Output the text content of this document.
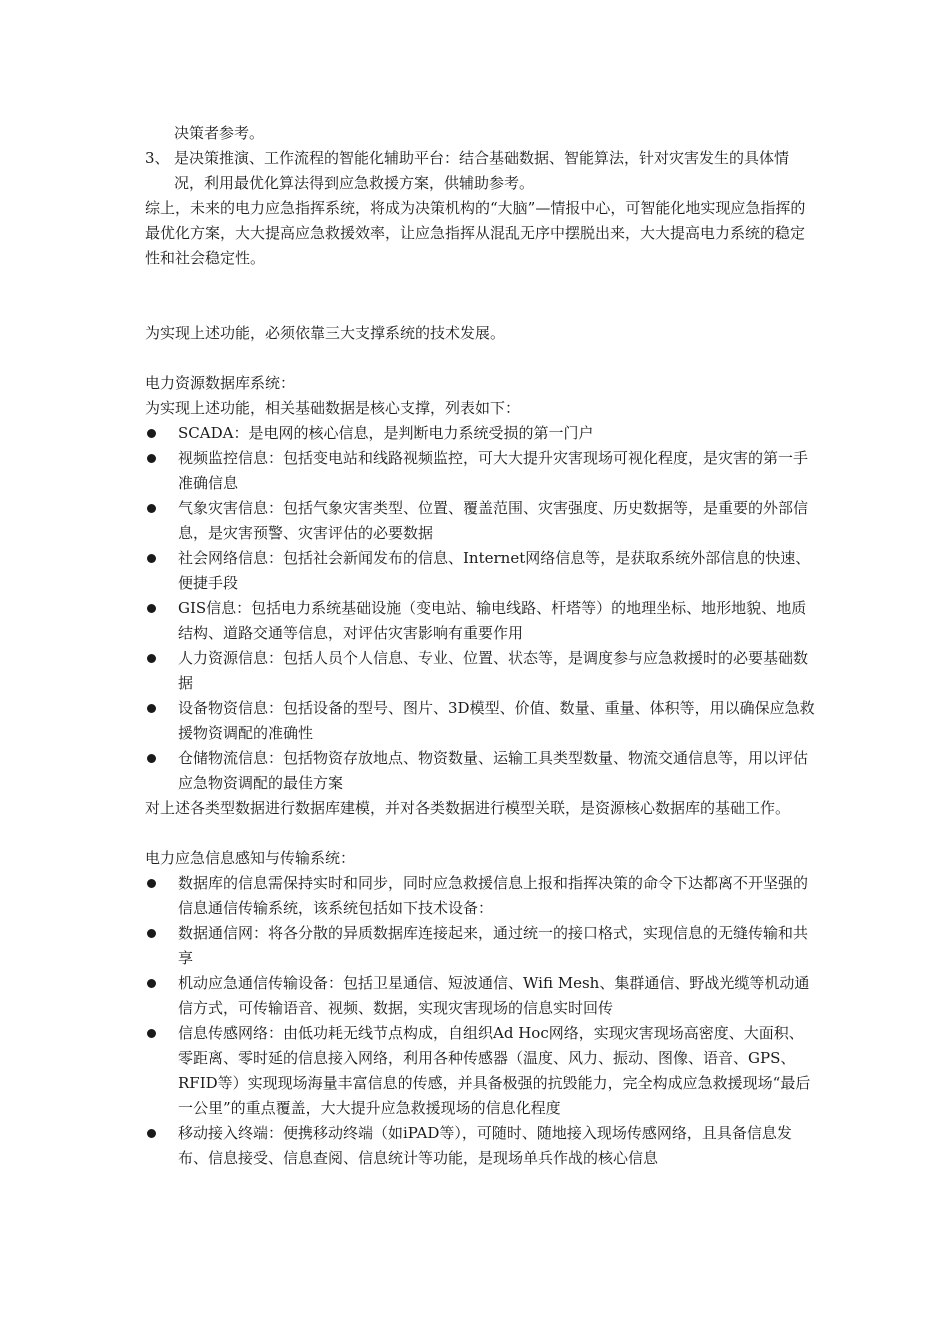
决策者参考。

3、 是决策推演、工作流程的智能化辅助平台：结合基础数据、智能算法，针对灾害发生的具体情况，利用最优化算法得到应急救援方案，供辅助参考。

综上，未来的电力应急指挥系统，将成为决策机构的“大脑”—情报中心，可智能化地实现应急指挥的最优化方案，大大提高应急救援效率，让应急指挥从混乱无序中摆脱出来，大大提高电力系统的稳定性和社会稳定性。

为实现上述功能，必须依靠三大支撑系统的技术发展。

电力资源数据库系统：

为实现上述功能，相关基础数据是核心支撑，列表如下：

SCADA：是电网的核心信息，是判断电力系统受损的第一门户
视频监控信息：包括变电站和线路视频监控，可大大提升灾害现场可视化程度，是灾害的第一手准确信息
气象灾害信息：包括气象灾害类型、位置、覆盖范围、灾害强度、历史数据等，是重要的外部信息，是灾害预警、灾害评估的必要数据
社会网络信息：包括社会新闻发布的信息、Internet网络信息等，是获取系统外部信息的快速、便捷手段
GIS信息：包括电力系统基础设施（变电站、输电线路、杆塔等）的地理坐标、地形地貌、地质结构、道路交通等信息，对评估灾害影响有重要作用
人力资源信息：包括人员个人信息、专业、位置、状态等，是调度参与应急救援时的必要基础数据
设备物资信息：包括设备的型号、图片、3D模型、价值、数量、重量、体积等，用以确保应急救援物资调配的准确性
仓储物流信息：包括物资存放地点、物资数量、运输工具类型数量、物流交通信息等，用以评估应急物资调配的最佳方案

对上述各类型数据进行数据库建模，并对各类数据进行模型关联，是资源核心数据库的基础工作。

电力应急信息感知与传输系统：

数据库的信息需保持实时和同步，同时应急救援信息上报和指挥决策的命令下达都离不开坚强的信息通信传输系统，该系统包括如下技术设备：
数据通信网：将各分散的异质数据库连接起来，通过统一的接口格式，实现信息的无缝传输和共享
机动应急通信传输设备：包括卫星通信、短波通信、Wifi Mesh、集群通信、野战光缆等机动通信方式，可传输语音、视频、数据，实现灾害现场的信息实时回传
信息传感网络：由低功耗无线节点构成，自组织Ad Hoc网络，实现灾害现场高密度、大面积、零距离、零时延的信息接入网络，利用各种传感器（温度、风力、振动、图像、语音、GPS、RFID等）实现现场海量丰富信息的传感，并具备极强的抗毁能力，完全构成应急救援现场“最后一公里”的重点覆盖，大大提升应急救援现场的信息化程度
移动接入终端：便携移动终端（如iPAD等），可随时、随地接入现场传感网络，且具备信息发布、信息接受、信息查阅、信息统计等功能，是现场单兵作战的核心信息
